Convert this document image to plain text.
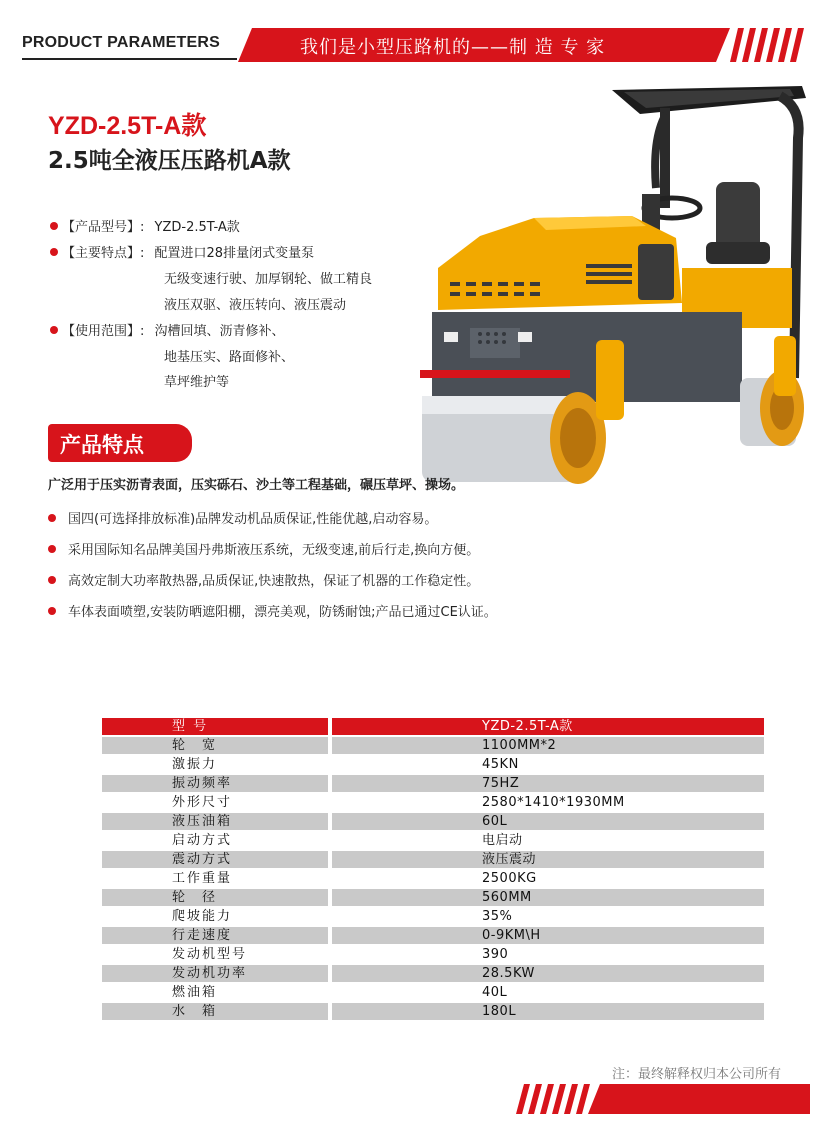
PRODUCT PARAMETERS	我们是小型压路机的——制 造 专 家
YZD-2.5T-A款
2.5吨全液压压路机A款
【产品型号】: YZD-2.5T-A款
【主要特点】: 配置进口28排量闭式变量泵
无级变速行驶、加厚钢轮、做工精良
液压双驱、液压转向、液压震动
【使用范围】: 沟槽回填、沥青修补、
地基压实、路面修补、
草坪维护等
产品特点
广泛用于压实沥青表面，压实砾石、沙土等工程基础，碾压草坪、操场。
国四(可选择排放标准)品牌发动机品质保证,性能优越,启动容易。
采用国际知名品牌美国丹弗斯液压系统，无级变速,前后行走,换向方便。
高效定制大功率散热器,品质保证,快速散热，保证了机器的工作稳定性。
车体表面喷塑,安装防晒遮阳棚，漂亮美观，防锈耐蚀;产品已通过CE认证。
型 号		YZD-2.5T-A款
轮　宽		1100MM*2
激振力		45KN
振动频率		75HZ
外形尺寸		2580*1410*1930MM
液压油箱		60L
启动方式		电启动
震动方式		液压震动
工作重量		2500KG
轮　径		560MM
爬坡能力		35%
行走速度		0-9KM\H
发动机型号		390
发动机功率		28.5KW
燃油箱		40L
水　箱		180L
注：最终解释权归本公司所有
